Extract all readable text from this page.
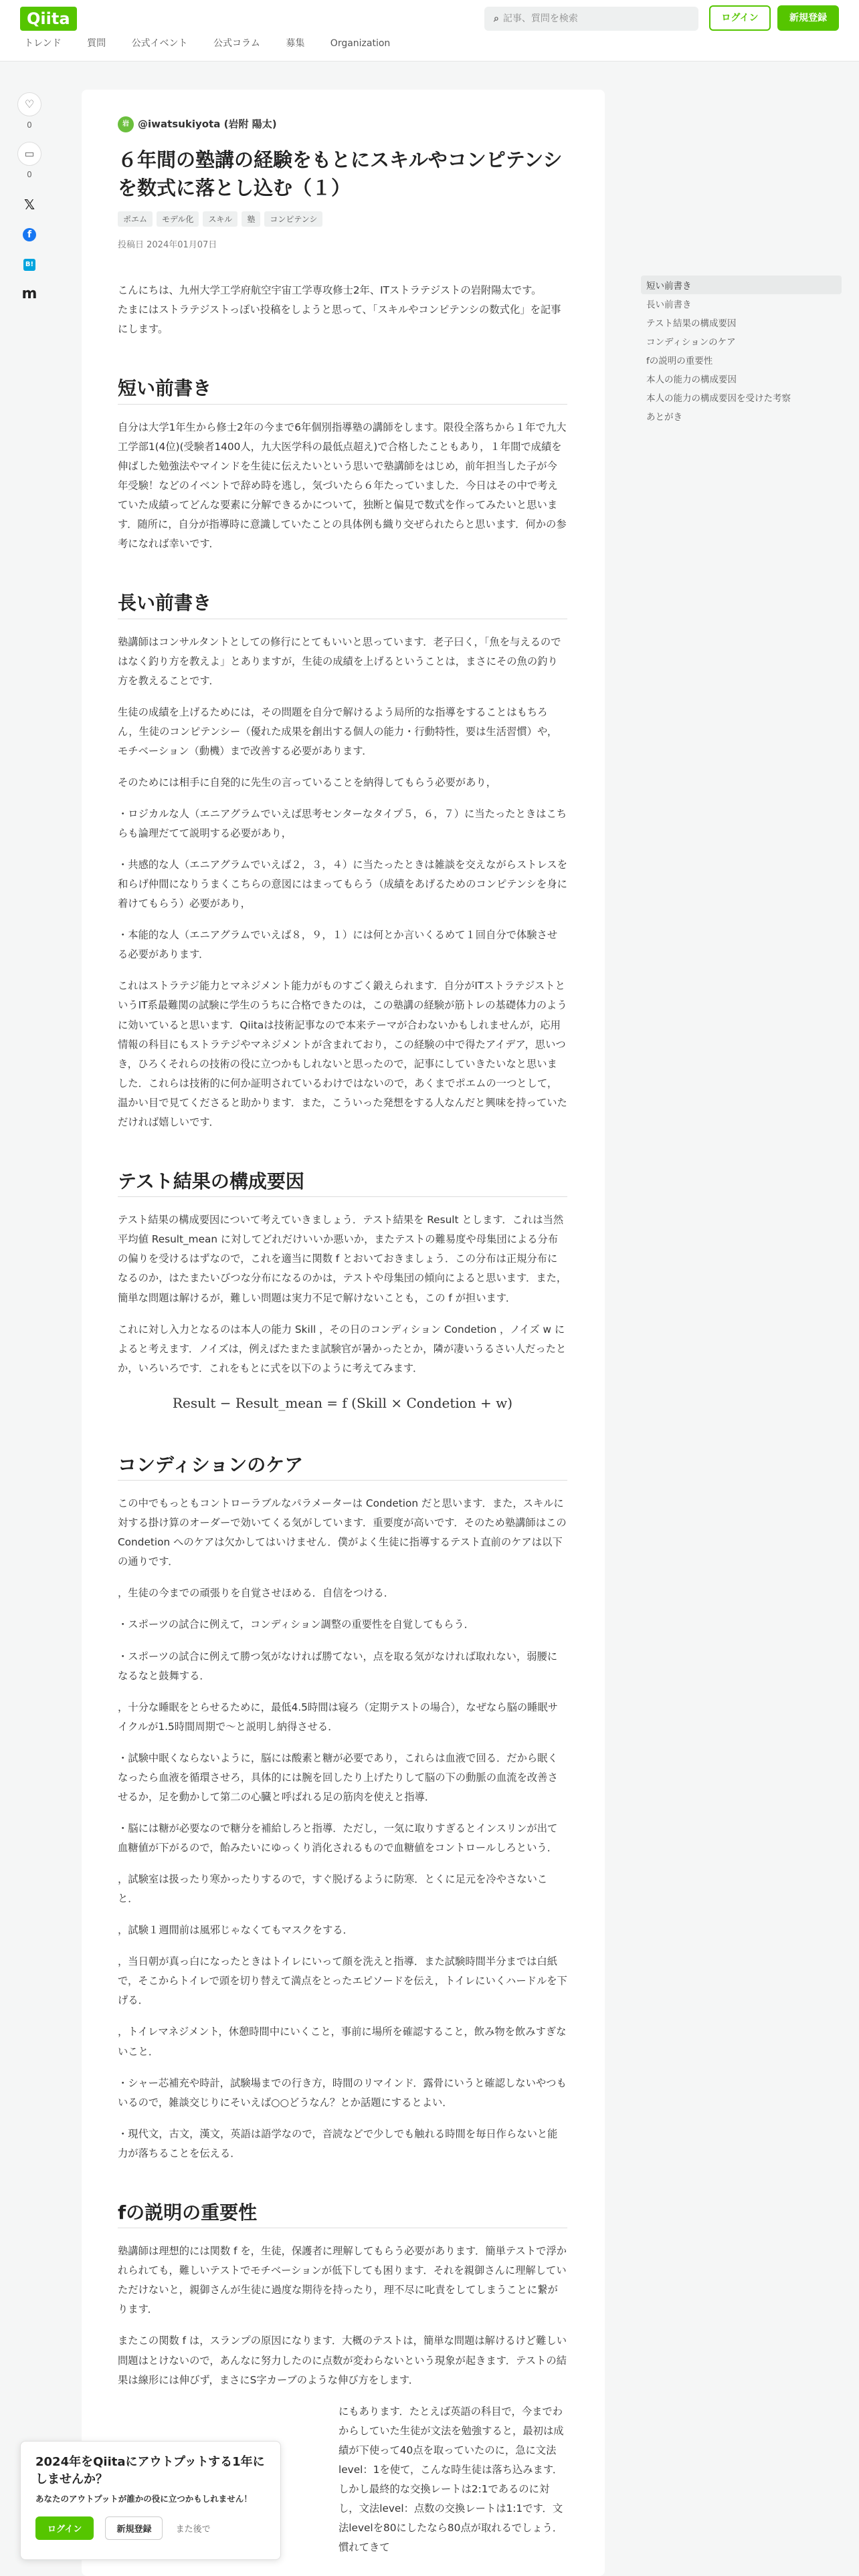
Qiita	⌕ 記事、質問を検索	ログイン	新規登録
トレンド	質問	公式イベント	公式コラム	募集	Organization
♡
0
▭
0
𝕏
f
B!
m
岩 @iwatsukiyota (岩附 陽太)
６年間の塾講の経験をもとにスキルやコンピテンシを数式に落とし込む（１）
ポエム モデル化 スキル 塾 コンピテンシ
投稿日 2024年01月07日

こんにちは、九州大学工学府航空宇宙工学専攻修士2年、ITストラテジストの岩附陽太です。
たまにはストラテジストっぽい投稿をしようと思って、「スキルやコンピテンシの数式化」を記事にします。

短い前書き

自分は大学1年生から修士2年の今まで6年個別指導塾の講師をします。限役全落ちから１年で九大工学部1(4位)(受験者1400人，九大医学科の最低点超え)で合格したこともあり，１年間で成績を伸ばした勉強法やマインドを生徒に伝えたいという思いで塾講師をはじめ，前年担当した子が今年受験！などのイベントで辞め時を逃し，気づいたら６年たっていました．今日はその中で考えていた成績ってどんな要素に分解できるかについて，独断と偏見で数式を作ってみたいと思います．随所に，自分が指導時に意識していたことの具体例も織り交ぜられたらと思います．何かの参考になれば幸いです．

長い前書き

塾講師はコンサルタントとしての修行にとてもいいと思っています．老子曰く，「魚を与えるのではなく釣り方を教えよ」とありますが，生徒の成績を上げるということは，まさにその魚の釣り方を教えることです．

生徒の成績を上げるためには，その問題を自分で解けるよう局所的な指導をすることはもちろん，生徒のコンピテンシー（優れた成果を創出する個人の能力・行動特性，要は生活習慣）や，モチベーション（動機）まで改善する必要があります．

そのためには相手に自発的に先生の言っていることを納得してもらう必要があり，

・ロジカルな人（エニアグラムでいえば思考センターなタイプ５，６，７）に当たったときはこちらも論理だてて説明する必要があり，

・共感的な人（エニアグラムでいえば２，３，４）に当たったときは雑談を交えながらストレスを和らげ仲間になりうまくこちらの意図にはまってもらう（成績をあげるためのコンピテンシを身に着けてもらう）必要があり，

・本能的な人（エニアグラムでいえば８，９，１）には何とか言いくるめて１回自分で体験させる必要があります．

これはストラテジ能力とマネジメント能力がものすごく鍛えられます．自分がITストラテジストというIT系最難関の試験に学生のうちに合格できたのは，この塾講の経験が筋トレの基礎体力のように効いていると思います．Qiitaは技術記事なので本来テーマが合わないかもしれませんが，応用情報の科目にもストラテジやマネジメントが含まれており，この経験の中で得たアイデア，思いつき，ひろくそれらの技術の役に立つかもしれないと思ったので，記事にしていきたいなと思いました．これらは技術的に何か証明されているわけではないので，あくまでポエムの一つとして，温かい目で見てくださると助かります．また，こういった発想をする人なんだと興味を持っていただければ嬉しいです．

テスト結果の構成要因

テスト結果の構成要因について考えていきましょう．テスト結果を Result とします．これは当然平均値 Result_mean に対してどれだけいいか悪いか，またテストの難易度や母集団による分布の偏りを受けるはずなので，これを適当に関数 f とおいておきましょう．この分布は正規分布になるのか，はたまたいびつな分布になるのかは，テストや母集団の傾向によると思います．また，簡単な問題は解けるが，難しい問題は実力不足で解けないことも，この f が担います．

これに対し入力となるのは本人の能力 Skill ，その日のコンディション Condetion ，ノイズ w によると考えます．ノイズは，例えばたまたま試験官が暑かったとか，隣が凄いうるさい人だったとか，いろいろです．これをもとに式を以下のように考えてみます．

Result − Result_mean = f (Skill × Condetion + w)
コンディションのケア

この中でもっともコントローラブルなパラメーターは Condetion だと思います．また，スキルに対する掛け算のオーダーで効いてくる気がしています．重要度が高いです．そのため塾講師はこの Condetion へのケアは欠かしてはいけません．僕がよく生徒に指導するテスト直前のケアは以下の通りです．

，生徒の今までの頑張りを自覚させほめる．自信をつける．

・スポーツの試合に例えて，コンディション調整の重要性を自覚してもらう．

・スポーツの試合に例えて勝つ気がなければ勝てない，点を取る気がなければ取れない，弱腰になるなと鼓舞する．

，十分な睡眠をとらせるために，最低4.5時間は寝ろ（定期テストの場合），なぜなら脳の睡眠サイクルが1.5時間周期で～と説明し納得させる．

・試験中眠くならないように，脳には酸素と糖が必要であり，これらは血液で回る．だから眠くなったら血液を循環させろ，具体的には腕を回したり上げたりして脳の下の動脈の血流を改善させるか，足を動かして第二の心臓と呼ばれる足の筋肉を使えと指導．

・脳には糖が必要なので糖分を補給しろと指導．ただし，一気に取りすぎるとインスリンが出て血糖値が下がるので，飴みたいにゆっくり消化されるもので血糖値をコントロールしろという．

，試験室は扱ったり寒かったりするので，すぐ脱げるように防寒．とくに足元を冷やさないこと．

，試験１週間前は風邪じゃなくてもマスクをする．

，当日朝が真っ白になったときはトイレにいって顔を洗えと指導．また試験時間半分までは白紙で，そこからトイレで頭を切り替えて満点をとったエピソードを伝え，トイレにいくハードルを下げる．

，トイレマネジメント，休憩時間中にいくこと，事前に場所を確認すること，飲み物を飲みすぎないこと．

・シャー芯補充や時計，試験場までの行き方，時間のリマインド．露骨にいうと確認しないやつもいるので，雑談交じりにそいえば○○どうなん？とか話題にするとよい．

・現代文，古文，漢文，英語は語学なので，音読などで少しでも触れる時間を毎日作らないと能力が落ちることを伝える．

fの説明の重要性

塾講師は理想的には関数 f を，生徒，保護者に理解してもらう必要があります．簡単テストで浮かれられても，難しいテストでモチベーションが低下しても困ります．それを親御さんに理解していただけないと，親御さんが生徒に過度な期待を持ったり，理不尽に叱責をしてしまうことに繋がります．

またこの関数 f は，スランプの原因になります．大概のテストは，簡単な問題は解けるけど難しい問題はとけないので，あんなに努力したのに点数が変わらないという現象が起きます．テストの結果は線形には伸びず，まさにS字カーブのような伸び方をします．

にもあります．たとえば英語の科目で，今までわからしていた生徒が文法を勉強すると，最初は成績が下使って40点を取っていたのに，急に文法level：1を使て，こんな時生徒は落ち込みます．しかし最終的な交換レートは2:1であるのに対し，文法level：点数の交換レートは1:1です．文法levelを80にしたなら80点が取れるでしょう．慣れてきて

短い前書き
長い前書き
テスト結果の構成要因
コンディションのケア
fの説明の重要性
本人の能力の構成要因
本人の能力の構成要因を受けた考察
あとがき
2024年をQiitaにアウトプットする1年にしませんか？
あなたのアウトプットが誰かの役に立つかもしれません！
ログイン	新規登録	また後で
